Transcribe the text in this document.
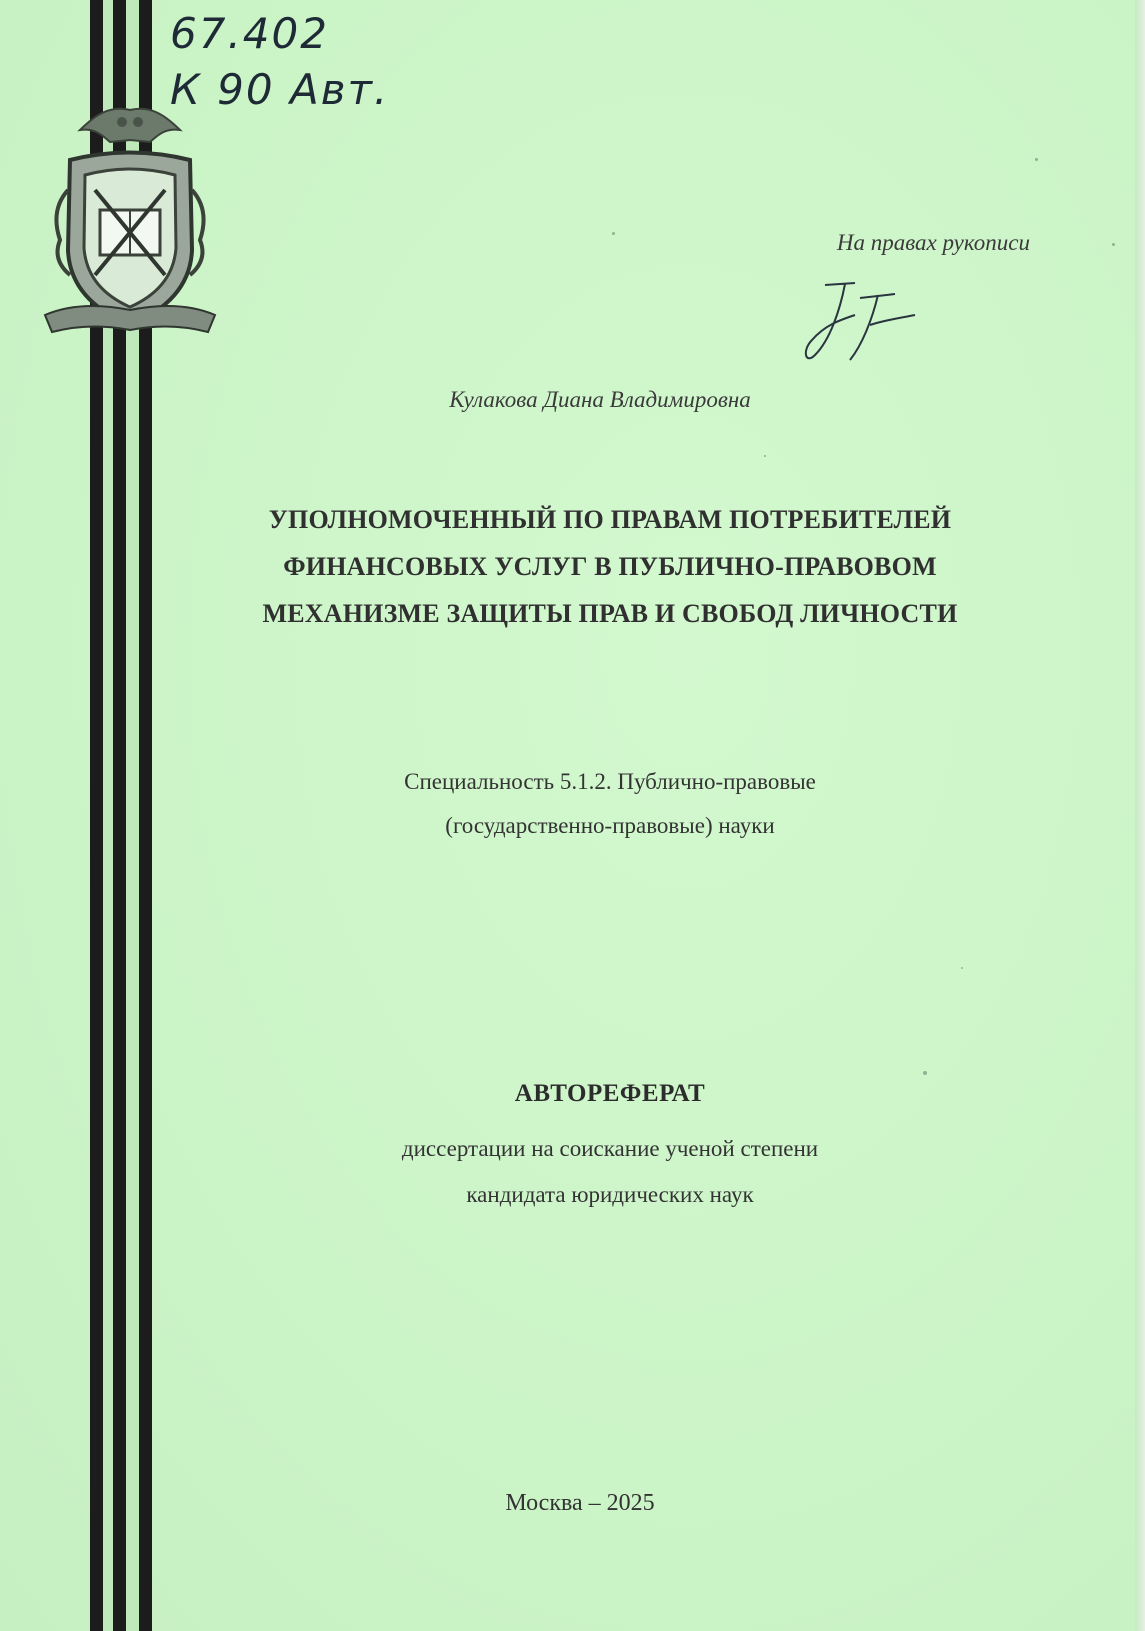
67.402
К 90 Авт.
На правах рукописи
Кулакова Диана Владимировна
УПОЛНОМОЧЕННЫЙ ПО ПРАВАМ ПОТРЕБИТЕЛЕЙ
ФИНАНСОВЫХ УСЛУГ В ПУБЛИЧНО-ПРАВОВОМ
МЕХАНИЗМЕ ЗАЩИТЫ ПРАВ И СВОБОД ЛИЧНОСТИ
Специальность 5.1.2. Публично-правовые
(государственно-правовые) науки
АВТОРЕФЕРАТ
диссертации на соискание ученой степени
кандидата юридических наук
Москва – 2025
